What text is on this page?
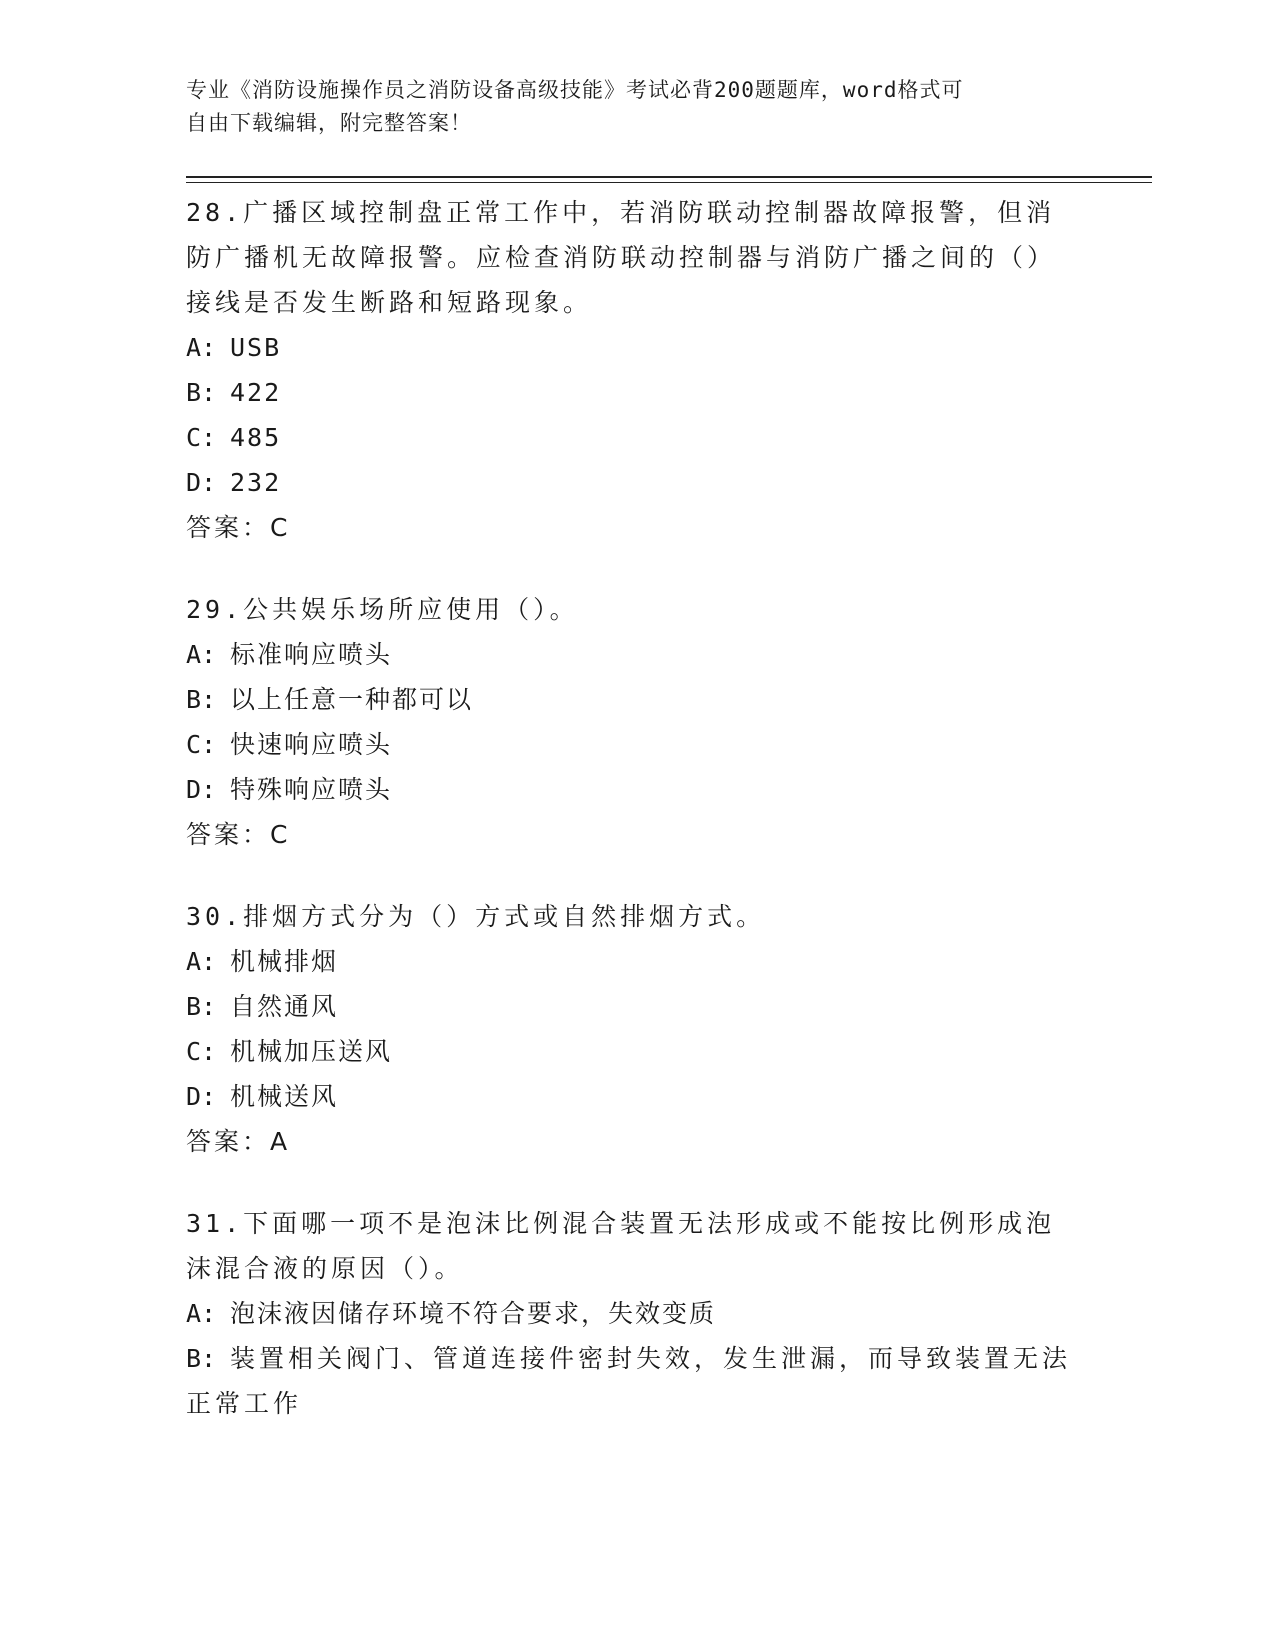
专业《消防设施操作员之消防设备高级技能》考试必背200题题库，word格式可
自由下载编辑，附完整答案！

28.广播区域控制盘正常工作中，若消防联动控制器故障报警，但消防广播机无故障报警。应检查消防联动控制器与消防广播之间的（）接线是否发生断路和短路现象。

A: USB
B: 422
C: 485
D: 232
答案：C

29.公共娱乐场所应使用（）。

A: 标准响应喷头
B: 以上任意一种都可以
C: 快速响应喷头
D: 特殊响应喷头
答案：C

30.排烟方式分为（）方式或自然排烟方式。

A: 机械排烟
B: 自然通风
C: 机械加压送风
D: 机械送风
答案：A

31.下面哪一项不是泡沫比例混合装置无法形成或不能按比例形成泡沫混合液的原因（）。

A: 泡沫液因储存环境不符合要求，失效变质
B: 装置相关阀门、管道连接件密封失效，发生泄漏，而导致装置无法正常工作
